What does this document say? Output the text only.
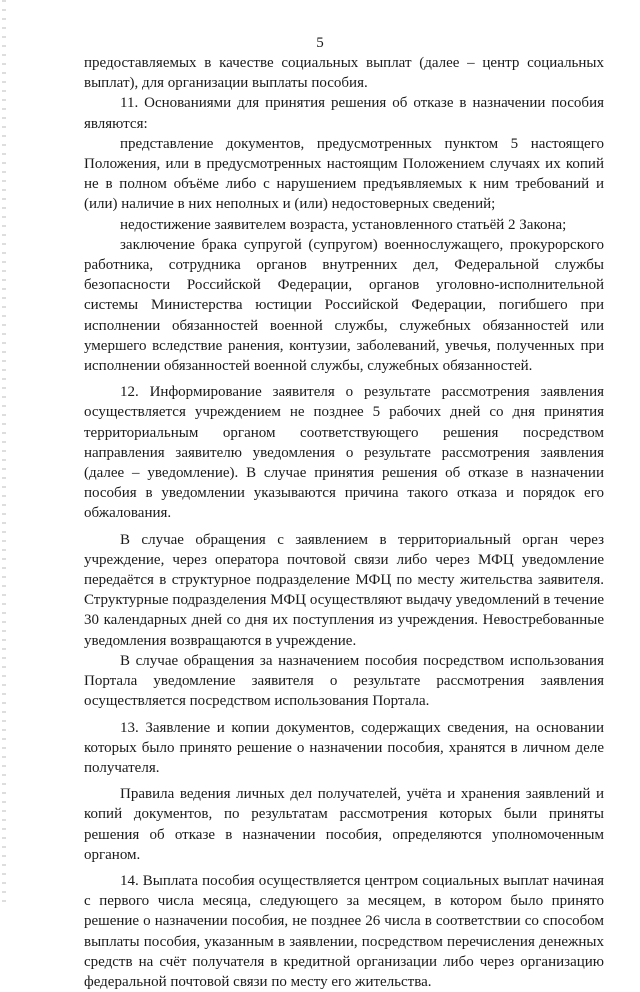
5

предоставляемых в качестве социальных выплат (далее – центр социальных выплат), для организации выплаты пособия.

11. Основаниями для принятия решения об отказе в назначении пособия являются:

представление документов, предусмотренных пунктом 5 настоящего Положения, или в предусмотренных настоящим Положением случаях их копий не в полном объёме либо с нарушением предъявляемых к ним требований и (или) наличие в них неполных и (или) недостоверных сведений;

недостижение заявителем возраста, установленного статьёй 2 Закона;

заключение брака супругой (супругом) военнослужащего, прокурорского работника, сотрудника органов внутренних дел, Федеральной службы безопасности Российской Федерации, органов уголовно-исполнительной системы Министерства юстиции Российской Федерации, погибшего при исполнении обязанностей военной службы, служебных обязанностей или умершего вследствие ранения, контузии, заболеваний, увечья, полученных при исполнении обязанностей военной службы, служебных обязанностей.

12. Информирование заявителя о результате рассмотрения заявления осуществляется учреждением не позднее 5 рабочих дней со дня принятия территориальным органом соответствующего решения посредством направления заявителю уведомления о результате рассмотрения заявления (далее – уведомление). В случае принятия решения об отказе в назначении пособия в уведомлении указываются причина такого отказа и порядок его обжалования.

В случае обращения с заявлением в территориальный орган через учреждение, через оператора почтовой связи либо через МФЦ уведомление передаётся в структурное подразделение МФЦ по месту жительства заявителя. Структурные подразделения МФЦ осуществляют выдачу уведомлений в течение 30 календарных дней со дня их поступления из учреждения. Невостребованные уведомления возвращаются в учреждение.

В случае обращения за назначением пособия посредством использования Портала уведомление заявителя о результате рассмотрения заявления осуществляется посредством использования Портала.

13. Заявление и копии документов, содержащих сведения, на основании которых было принято решение о назначении пособия, хранятся в личном деле получателя.

Правила ведения личных дел получателей, учёта и хранения заявлений и копий документов, по результатам рассмотрения которых были приняты решения об отказе в назначении пособия, определяются уполномоченным органом.

14. Выплата пособия осуществляется центром социальных выплат начиная с первого числа месяца, следующего за месяцем, в котором было принято решение о назначении пособия, не позднее 26 числа в соответствии со способом выплаты пособия, указанным в заявлении, посредством перечисления денежных средств на счёт получателя в кредитной организации либо через организацию федеральной почтовой связи по месту его жительства.
